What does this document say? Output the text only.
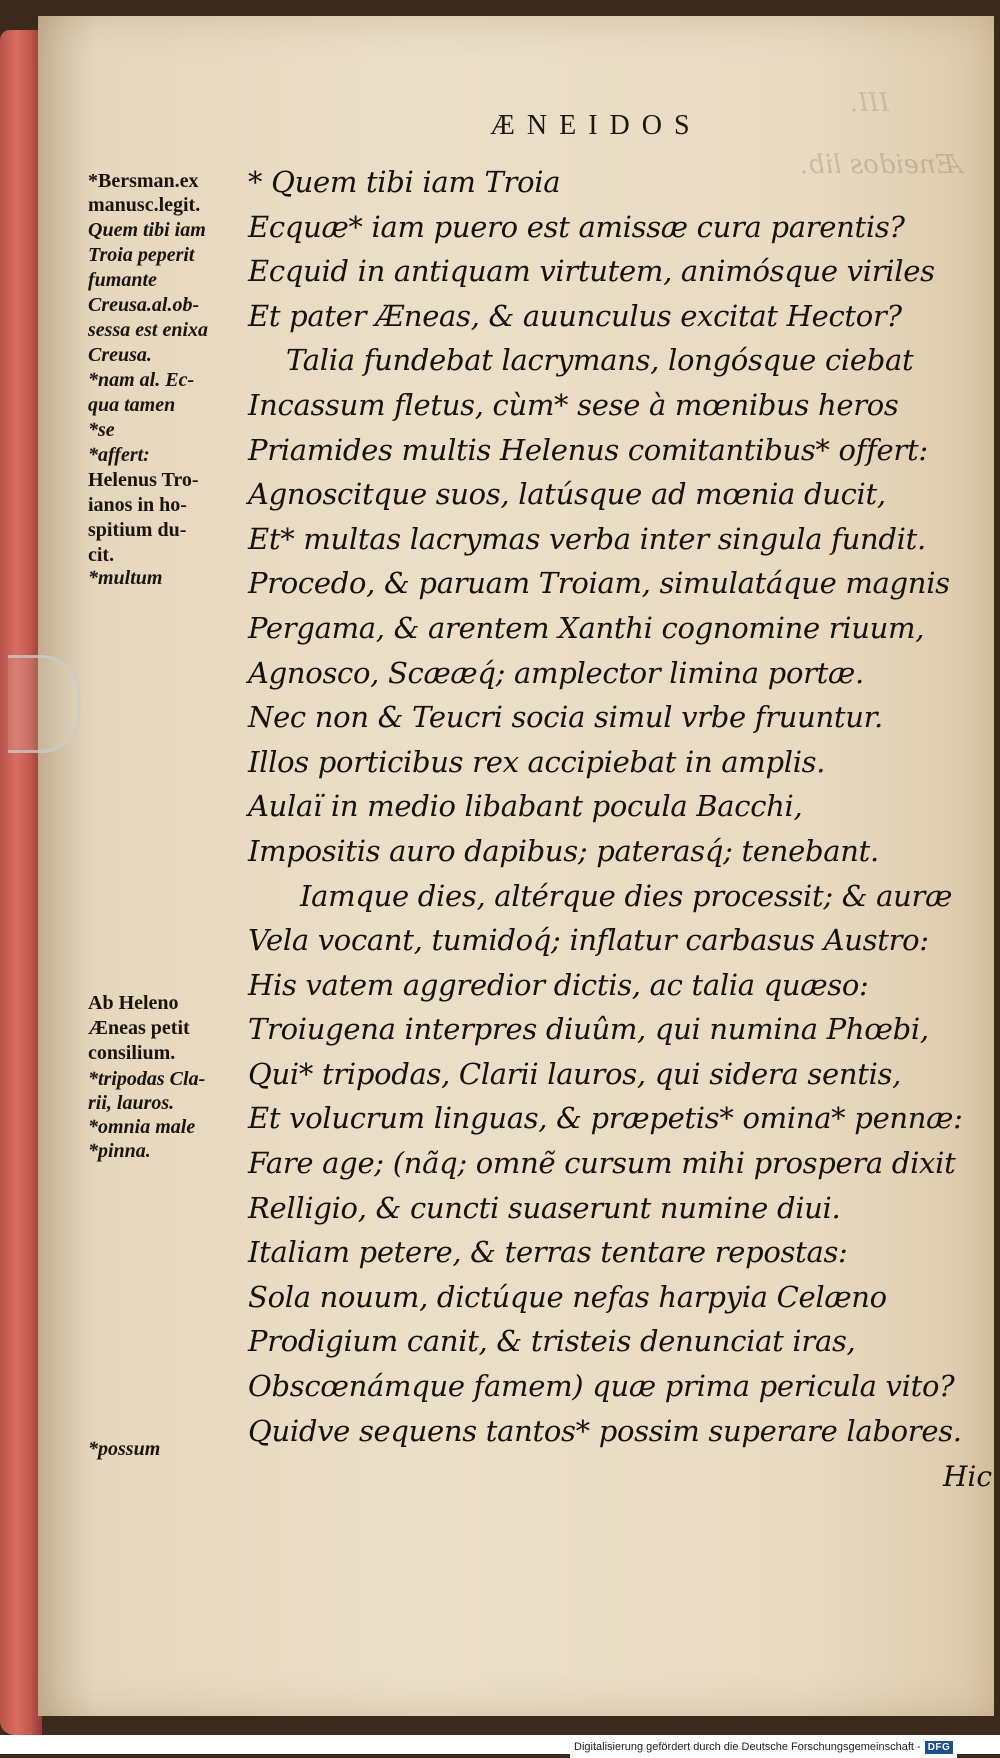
Æneidos lib.
III.
ÆNEIDOS
* Quem tibi iam Troia
Ecquæ* iam puero est amissæ cura parentis?
Ecquid in antiquam virtutem, animósque viriles
Et pater Æneas, & auunculus excitat Hector?
Talia fundebat lacrymans, longósque ciebat
Incassum fletus, cùm* sese à mœnibus heros
Priamides multis Helenus comitantibus* offert:
Agnoscitque suos, latúsque ad mœnia ducit,
Et* multas lacrymas verba inter singula fundit.
Procedo, & paruam Troiam, simulatáque magnis
Pergama, & arentem Xanthi cognomine riuum,
Agnosco, Scææq́; amplector limina portæ.
Nec non & Teucri socia simul vrbe fruuntur.
Illos porticibus rex accipiebat in amplis.
Aulaï in medio libabant pocula Bacchi,
Impositis auro dapibus; paterasq́; tenebant.
Iamque dies, altérque dies processit; & auræ
Vela vocant, tumidoq́; inflatur carbasus Austro:
His vatem aggredior dictis, ac talia quæso:
Troiugena interpres diuûm, qui numina Phœbi,
Qui* tripodas, Clarii lauros, qui sidera sentis,
Et volucrum linguas, & præpetis* omina* pennæ:
Fare age; (nãq; omnẽ cursum mihi prospera dixit
Relligio, & cuncti suaserunt numine diui.
Italiam petere, & terras tentare repostas:
Sola nouum, dictúque nefas harpyia Celæno
Prodigium canit, & tristeis denunciat iras,
Obscœnámque famem) quæ prima pericula vito?
Quidve sequens tantos* possim superare labores.
*Bersman.ex
manusc.legit.
Quem tibi iam
Troia peperit
fumante
Creusa.al.ob-
sessa est enixa
Creusa.
*nam al. Ec-
qua tamen
*se
*affert:
Helenus Tro-
ianos in ho-
spitium du-
cit.
*multum
Ab Heleno
Æneas petit
consilium.
*tripodas Cla-
rii, lauros.
*omnia male
*pinna.
*possum
Hic
Digitalisierung gefördert durch die Deutsche Forschungsgemeinschaft - DFG
